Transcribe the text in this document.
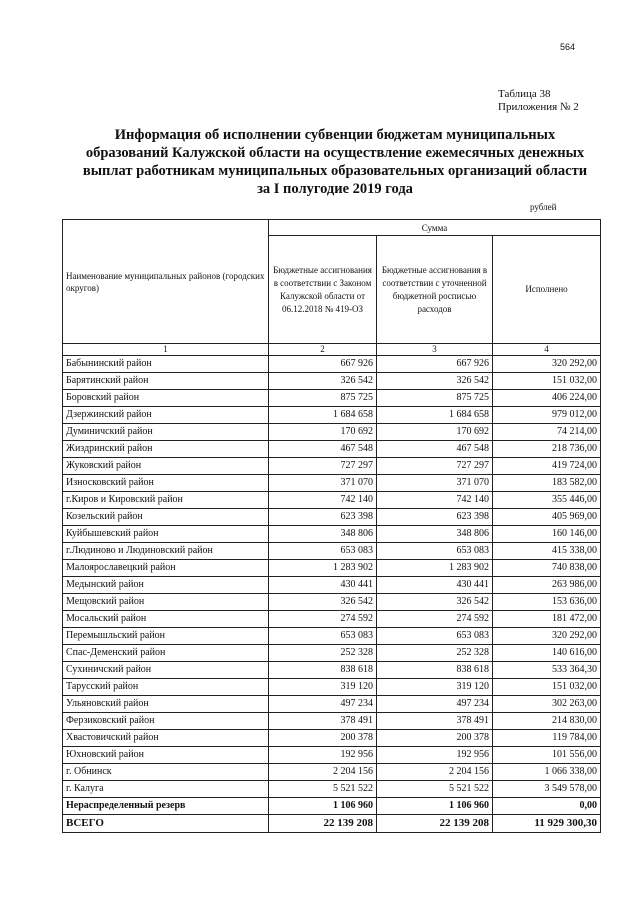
564
Таблица 38
Приложения № 2
Информация об исполнении субвенции бюджетам муниципальных
образований Калужской области на осуществление ежемесячных денежных
выплат работникам муниципальных образовательных организаций области
за I полугодие 2019 года
рублей
Наименование муниципальных районов (городских округов)	Сумма		
	Бюджетные ассигнования в соответствии с Законом Калужской области от 06.12.2018 № 419-ОЗ	Бюджетные ассигнования в соответствии с уточненной бюджетной росписью расходов	Исполнено
1	2	3	4
Бабынинский район	667 926	667 926	320 292,00
Барятинский район	326 542	326 542	151 032,00
Боровский район	875 725	875 725	406 224,00
Дзержинский район	1 684 658	1 684 658	979 012,00
Думиничский район	170 692	170 692	74 214,00
Жиздринский район	467 548	467 548	218 736,00
Жуковский район	727 297	727 297	419 724,00
Износковский район	371 070	371 070	183 582,00
г.Киров и Кировский район	742 140	742 140	355 446,00
Козельский район	623 398	623 398	405 969,00
Куйбышевский район	348 806	348 806	160 146,00
г.Людиново и Людиновский район	653 083	653 083	415 338,00
Малоярославецкий район	1 283 902	1 283 902	740 838,00
Медынский район	430 441	430 441	263 986,00
Мещовский район	326 542	326 542	153 636,00
Мосальский район	274 592	274 592	181 472,00
Перемышльский район	653 083	653 083	320 292,00
Спас-Деменский район	252 328	252 328	140 616,00
Сухиничский район	838 618	838 618	533 364,30
Тарусский район	319 120	319 120	151 032,00
Ульяновский район	497 234	497 234	302 263,00
Ферзиковский район	378 491	378 491	214 830,00
Хвастовичский район	200 378	200 378	119 784,00
Юхновский район	192 956	192 956	101 556,00
г. Обнинск	2 204 156	2 204 156	1 066 338,00
г. Калуга	5 521 522	5 521 522	3 549 578,00
Нераспределенный резерв	1 106 960	1 106 960	0,00
ВСЕГО	22 139 208	22 139 208	11 929 300,30
